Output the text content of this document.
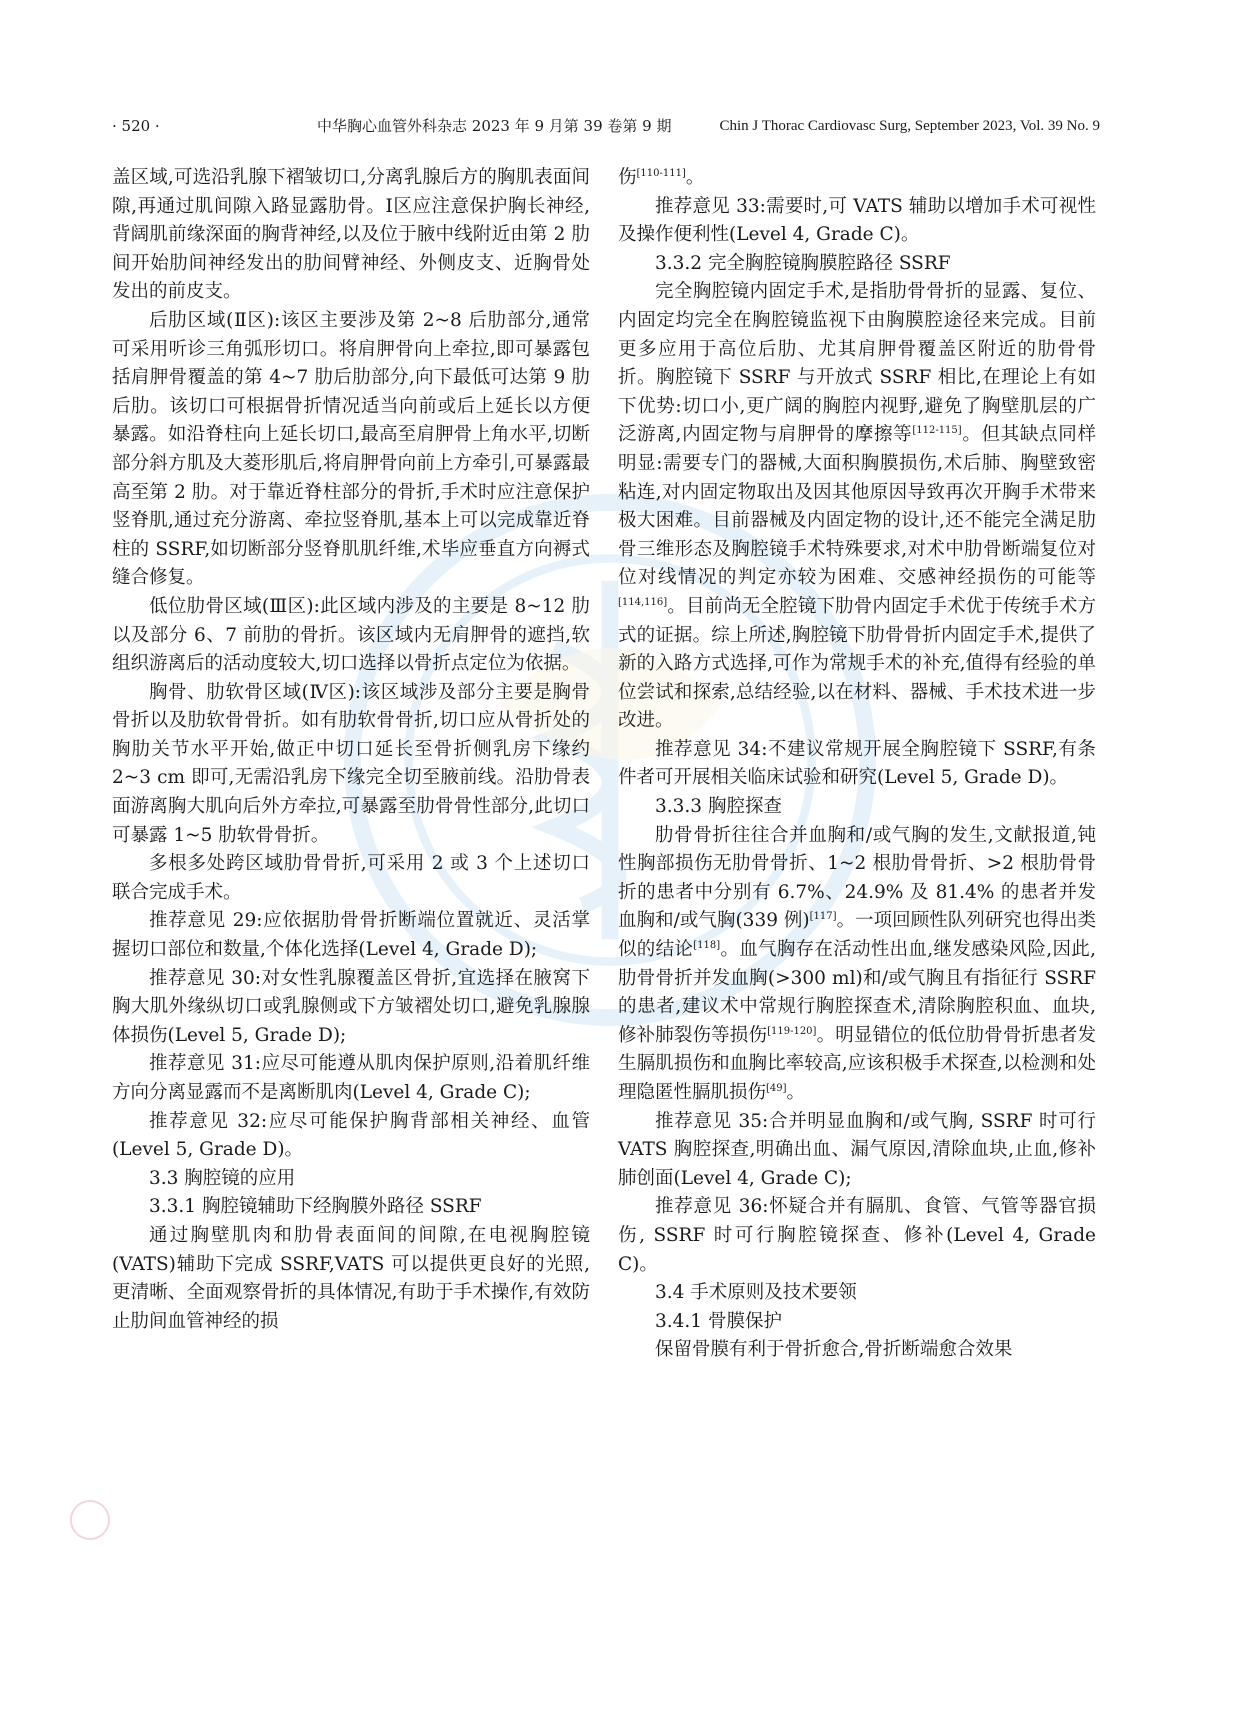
· 520 ·	中华胸心血管外科杂志 2023 年 9 月第 39 卷第 9 期	Chin J Thorac Cardiovasc Surg, September 2023, Vol. 39 No. 9

盖区域,可选沿乳腺下褶皱切口,分离乳腺后方的胸肌表面间隙,再通过肌间隙入路显露肋骨。Ⅰ区应注意保护胸长神经,背阔肌前缘深面的胸背神经,以及位于腋中线附近由第 2 肋间开始肋间神经发出的肋间臂神经、外侧皮支、近胸骨处发出的前皮支。

后肋区域(Ⅱ区):该区主要涉及第 2~8 后肋部分,通常可采用听诊三角弧形切口。将肩胛骨向上牵拉,即可暴露包括肩胛骨覆盖的第 4~7 肋后肋部分,向下最低可达第 9 肋后肋。该切口可根据骨折情况适当向前或后上延长以方便暴露。如沿脊柱向上延长切口,最高至肩胛骨上角水平,切断部分斜方肌及大菱形肌后,将肩胛骨向前上方牵引,可暴露最高至第 2 肋。对于靠近脊柱部分的骨折,手术时应注意保护竖脊肌,通过充分游离、牵拉竖脊肌,基本上可以完成靠近脊柱的 SSRF,如切断部分竖脊肌肌纤维,术毕应垂直方向褥式缝合修复。

低位肋骨区域(Ⅲ区):此区域内涉及的主要是 8~12 肋以及部分 6、7 前肋的骨折。该区域内无肩胛骨的遮挡,软组织游离后的活动度较大,切口选择以骨折点定位为依据。

胸骨、肋软骨区域(Ⅳ区):该区域涉及部分主要是胸骨骨折以及肋软骨骨折。如有肋软骨骨折,切口应从骨折处的胸肋关节水平开始,做正中切口延长至骨折侧乳房下缘约 2~3 cm 即可,无需沿乳房下缘完全切至腋前线。沿肋骨表面游离胸大肌向后外方牵拉,可暴露至肋骨骨性部分,此切口可暴露 1~5 肋软骨骨折。

多根多处跨区域肋骨骨折,可采用 2 或 3 个上述切口联合完成手术。

推荐意见 29:应依据肋骨骨折断端位置就近、灵活掌握切口部位和数量,个体化选择(Level 4, Grade D);

推荐意见 30:对女性乳腺覆盖区骨折,宜选择在腋窝下胸大肌外缘纵切口或乳腺侧或下方皱褶处切口,避免乳腺腺体损伤(Level 5, Grade D);

推荐意见 31:应尽可能遵从肌肉保护原则,沿着肌纤维方向分离显露而不是离断肌肉(Level 4, Grade C);

推荐意见 32:应尽可能保护胸背部相关神经、血管(Level 5, Grade D)。

3.3 胸腔镜的应用

3.3.1 胸腔镜辅助下经胸膜外路径 SSRF

通过胸壁肌肉和肋骨表面间的间隙,在电视胸腔镜(VATS)辅助下完成 SSRF,VATS 可以提供更良好的光照,更清晰、全面观察骨折的具体情况,有助于手术操作,有效防止肋间血管神经的损

伤[110-111]。

推荐意见 33:需要时,可 VATS 辅助以增加手术可视性及操作便利性(Level 4, Grade C)。

3.3.2 完全胸腔镜胸膜腔路径 SSRF

完全胸腔镜内固定手术,是指肋骨骨折的显露、复位、内固定均完全在胸腔镜监视下由胸膜腔途径来完成。目前更多应用于高位后肋、尤其肩胛骨覆盖区附近的肋骨骨折。胸腔镜下 SSRF 与开放式 SSRF 相比,在理论上有如下优势:切口小,更广阔的胸腔内视野,避免了胸壁肌层的广泛游离,内固定物与肩胛骨的摩擦等[112-115]。但其缺点同样明显:需要专门的器械,大面积胸膜损伤,术后肺、胸壁致密粘连,对内固定物取出及因其他原因导致再次开胸手术带来极大困难。目前器械及内固定物的设计,还不能完全满足肋骨三维形态及胸腔镜手术特殊要求,对术中肋骨断端复位对位对线情况的判定亦较为困难、交感神经损伤的可能等[114,116]。目前尚无全腔镜下肋骨内固定手术优于传统手术方式的证据。综上所述,胸腔镜下肋骨骨折内固定手术,提供了新的入路方式选择,可作为常规手术的补充,值得有经验的单位尝试和探索,总结经验,以在材料、器械、手术技术进一步改进。

推荐意见 34:不建议常规开展全胸腔镜下 SSRF,有条件者可开展相关临床试验和研究(Level 5, Grade D)。

3.3.3 胸腔探查

肋骨骨折往往合并血胸和/或气胸的发生,文献报道,钝性胸部损伤无肋骨骨折、1~2 根肋骨骨折、>2 根肋骨骨折的患者中分别有 6.7%、24.9% 及 81.4% 的患者并发血胸和/或气胸(339 例)[117]。一项回顾性队列研究也得出类似的结论[118]。血气胸存在活动性出血,继发感染风险,因此,肋骨骨折并发血胸(>300 ml)和/或气胸且有指征行 SSRF 的患者,建议术中常规行胸腔探查术,清除胸腔积血、血块,修补肺裂伤等损伤[119-120]。明显错位的低位肋骨骨折患者发生膈肌损伤和血胸比率较高,应该积极手术探查,以检测和处理隐匿性膈肌损伤[49]。

推荐意见 35:合并明显血胸和/或气胸, SSRF 时可行 VATS 胸腔探查,明确出血、漏气原因,清除血块,止血,修补肺创面(Level 4, Grade C);

推荐意见 36:怀疑合并有膈肌、食管、气管等器官损伤, SSRF 时可行胸腔镜探查、修补(Level 4, Grade C)。

3.4 手术原则及技术要领

3.4.1 骨膜保护

保留骨膜有利于骨折愈合,骨折断端愈合效果
